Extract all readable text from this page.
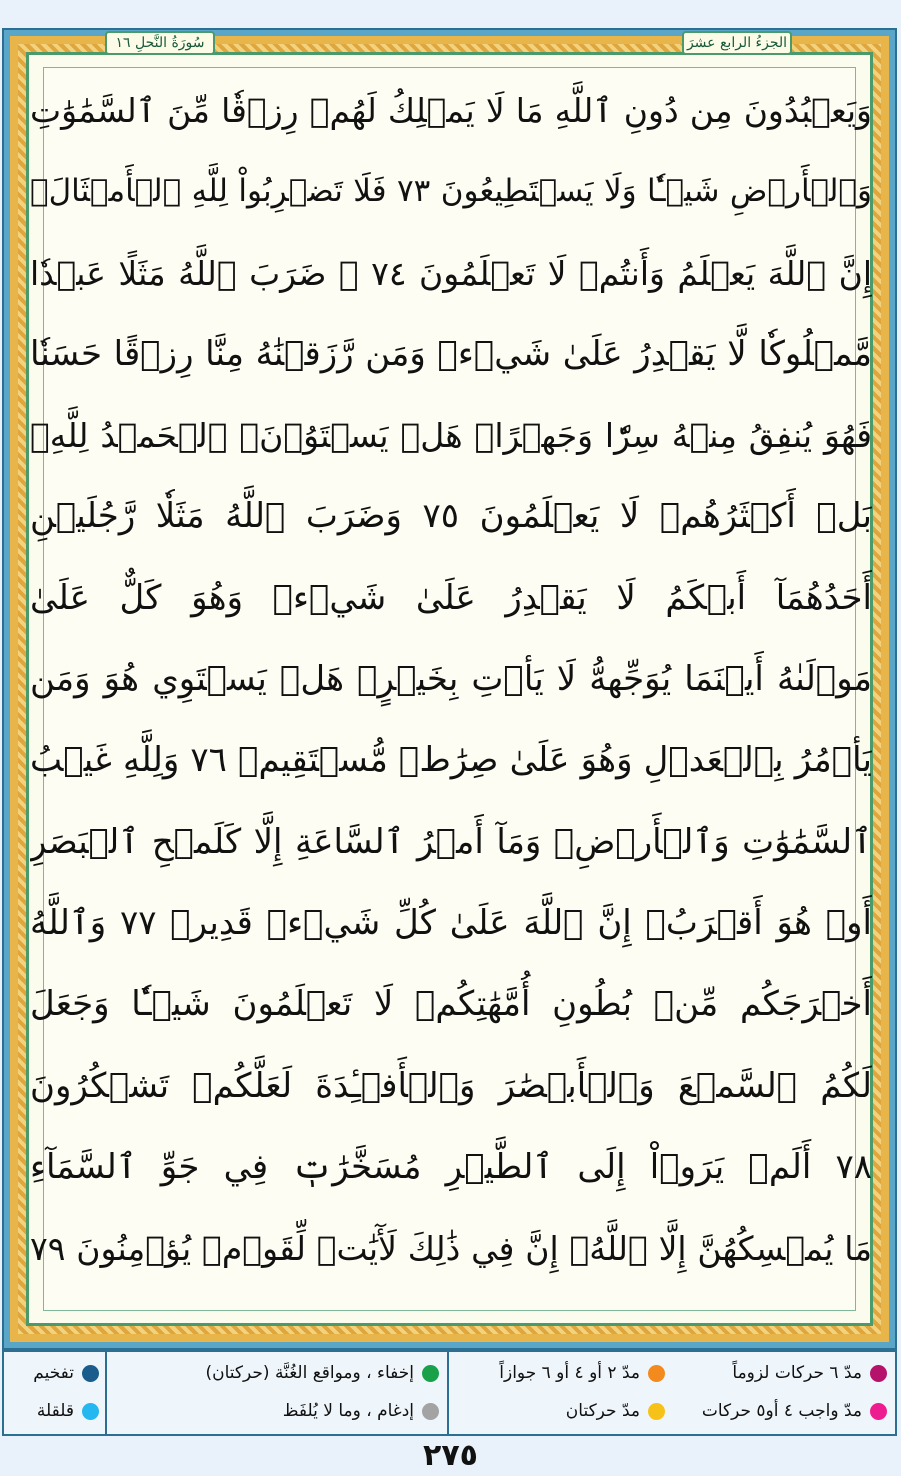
سُورَةُ النَّحلِ ١٦	الجزءُ الرابع عشرَ
وَيَعۡبُدُونَ مِن دُونِ ٱللَّهِ مَا لَا يَمۡلِكُ لَهُمۡ رِزۡقٗا مِّنَ ٱلسَّمَٰوَٰتِ
وَٱلۡأَرۡضِ شَيۡـٔٗا وَلَا يَسۡتَطِيعُونَ ٧٣ فَلَا تَضۡرِبُواْ لِلَّهِ ٱلۡأَمۡثَالَۚ
إِنَّ ٱللَّهَ يَعۡلَمُ وَأَنتُمۡ لَا تَعۡلَمُونَ ٧٤ ۞ ضَرَبَ ٱللَّهُ مَثَلًا عَبۡدٗا
مَّمۡلُوكٗا لَّا يَقۡدِرُ عَلَىٰ شَيۡءٖ وَمَن رَّزَقۡنَٰهُ مِنَّا رِزۡقًا حَسَنٗا
فَهُوَ يُنفِقُ مِنۡهُ سِرّٗا وَجَهۡرًاۖ هَلۡ يَسۡتَوُۥنَۚ ٱلۡحَمۡدُ لِلَّهِۚ
بَلۡ أَكۡثَرُهُمۡ لَا يَعۡلَمُونَ ٧٥ وَضَرَبَ ٱللَّهُ مَثَلٗا رَّجُلَيۡنِ
أَحَدُهُمَآ أَبۡكَمُ لَا يَقۡدِرُ عَلَىٰ شَيۡءٖ وَهُوَ كَلٌّ عَلَىٰ
مَوۡلَىٰهُ أَيۡنَمَا يُوَجِّههُّ لَا يَأۡتِ بِخَيۡرٍۖ هَلۡ يَسۡتَوِي هُوَ وَمَن
يَأۡمُرُ بِٱلۡعَدۡلِ وَهُوَ عَلَىٰ صِرَٰطٖ مُّسۡتَقِيمٖ ٧٦ وَلِلَّهِ غَيۡبُ
ٱلسَّمَٰوَٰتِ وَٱلۡأَرۡضِۚ وَمَآ أَمۡرُ ٱلسَّاعَةِ إِلَّا كَلَمۡحِ ٱلۡبَصَرِ
أَوۡ هُوَ أَقۡرَبُۚ إِنَّ ٱللَّهَ عَلَىٰ كُلِّ شَيۡءٖ قَدِيرٞ ٧٧ وَٱللَّهُ
أَخۡرَجَكُم مِّنۢ بُطُونِ أُمَّهَٰتِكُمۡ لَا تَعۡلَمُونَ شَيۡـٔٗا وَجَعَلَ
لَكُمُ ٱلسَّمۡعَ وَٱلۡأَبۡصَٰرَ وَٱلۡأَفۡـِٔدَةَ لَعَلَّكُمۡ تَشۡكُرُونَ
٧٨ أَلَمۡ يَرَوۡاْ إِلَى ٱلطَّيۡرِ مُسَخَّرَٰتٖ فِي جَوِّ ٱلسَّمَآءِ
مَا يُمۡسِكُهُنَّ إِلَّا ٱللَّهُۚ إِنَّ فِي ذَٰلِكَ لَأٓيَٰتٖ لِّقَوۡمٖ يُؤۡمِنُونَ ٧٩
مدّ ٦ حركات لزوماً
مدّ واجب ٤ أو٥ حركات
مدّ ٢ أو ٤ أو ٦ جوازاً
مدّ حركتان
إخفاء ، ومواقع الغُنَّة (حركتان)
إدغام ، وما لا يُلفَظ
تفخيم
قلقلة
٢٧٥
